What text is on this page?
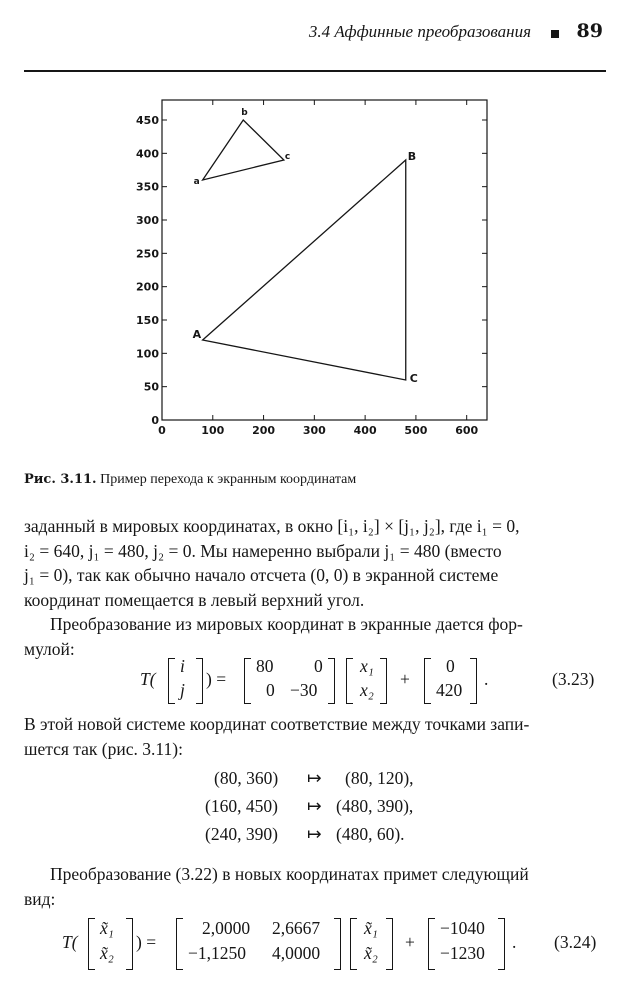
3.4 Аффинные преобразования 89
0	100	200	300	400	500	600
0
50
100
150
200
250
300
350
400
450
a
b
c
A
B
C
Рис. 3.11. Пример перехода к экранным координатам
заданный в мировых координатах, в окно [i₁, i₂] × [j₁, j₂], где i₁ = 0,
i₂ = 640, j₁ = 480, j₂ = 0. Мы намеренно выбрали j₁ = 480 (вместо
j₁ = 0), так как обычно начало отсчета (0, 0) в экранной системе
координат помещается в левый верхний угол.
Преобразование из мировых координат в экранные дается фор-
мулой:
T(
i
j
) =
80 0
0 −30
x₁
x₂
+
0
420
.	(3.23)
В этой новой системе координат соответствие между точками запи-
шется так (рис. 3.11):
(80, 360) ↦ (80, 120),
(160, 450) ↦ (480, 390),
(240, 390) ↦ (480, 60).
Преобразование (3.22) в новых координатах примет следующий
вид:
T(
x̃₁
x̃₂
) =
2,0000 2,6667
−1,1250 4,0000
x̃₁
x̃₂
+
−1040
−1230
. (3.24)
